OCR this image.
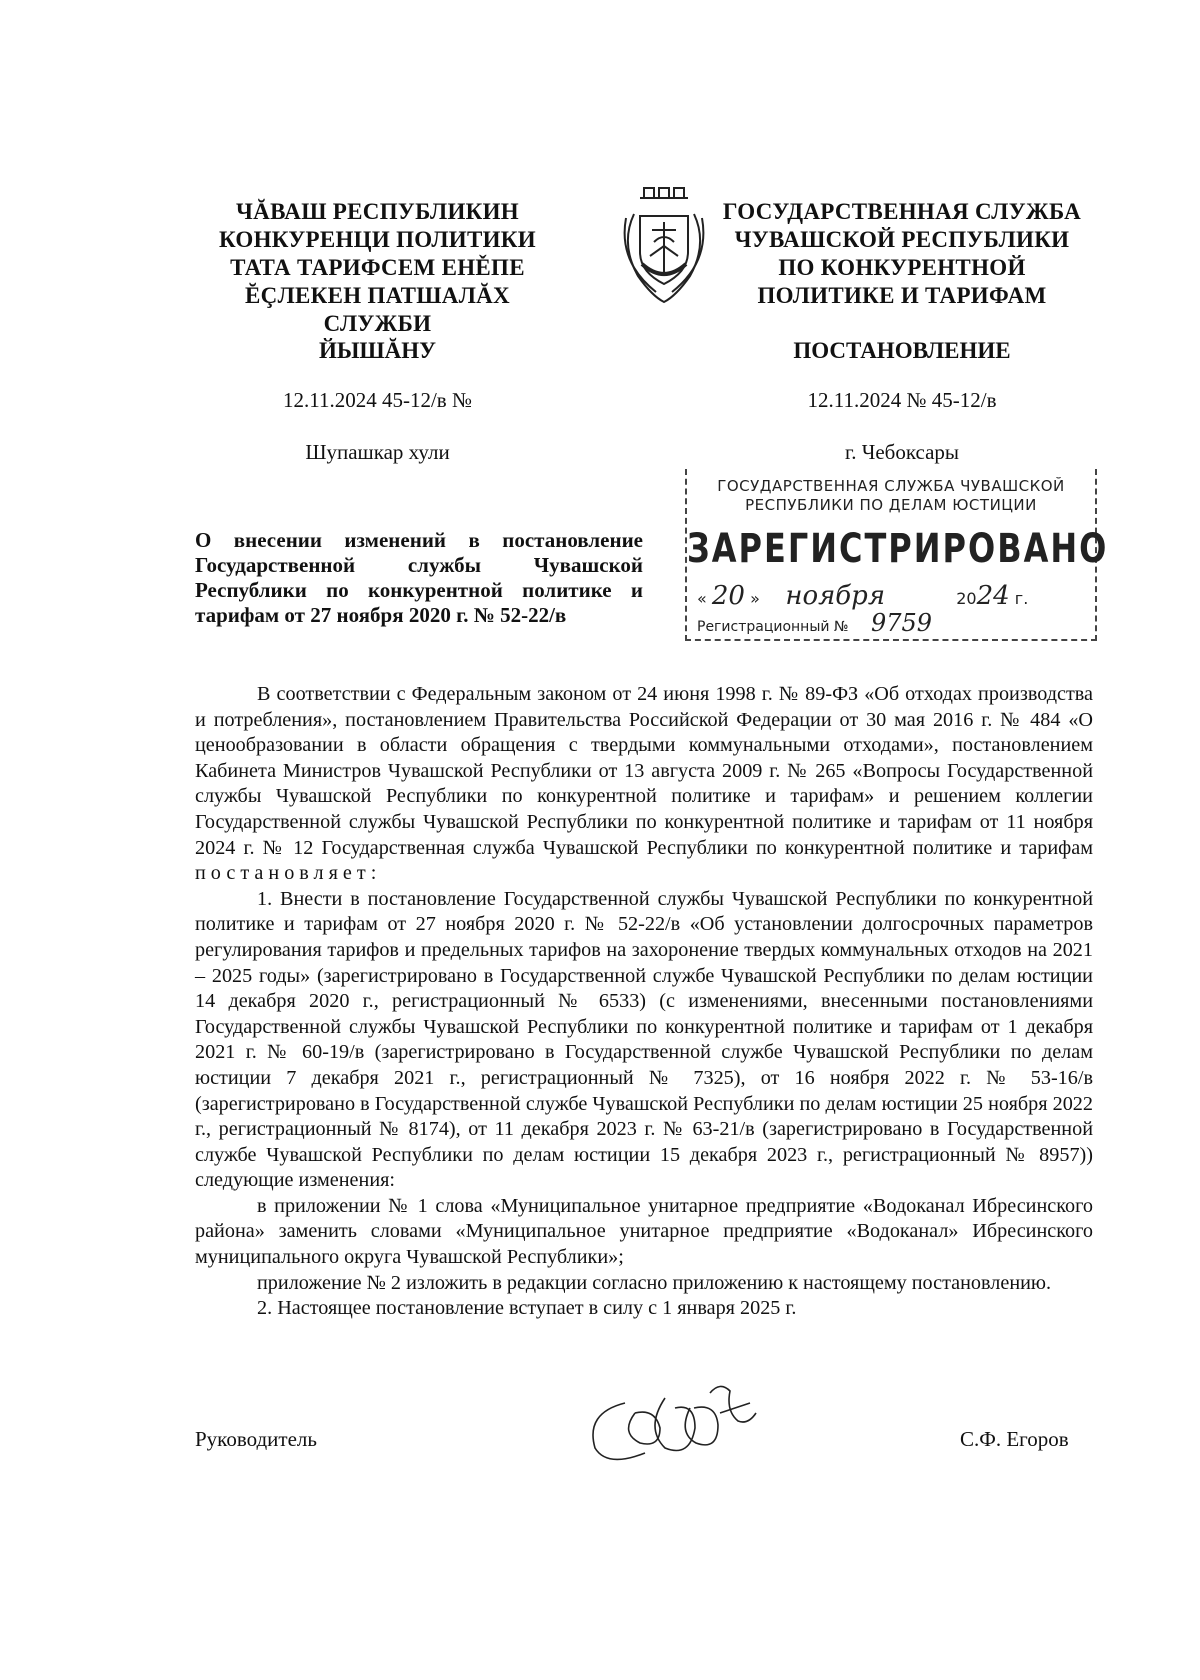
ЧĂВАШ РЕСПУБЛИКИН
КОНКУРЕНЦИ ПОЛИТИКИ
ТАТА ТАРИФСЕМ ЕНĚПЕ
ĔÇЛЕКЕН ПАТШАЛĂХ СЛУЖБИ
ГОСУДАРСТВЕННАЯ СЛУЖБА
ЧУВАШСКОЙ РЕСПУБЛИКИ
ПО КОНКУРЕНТНОЙ
ПОЛИТИКЕ И ТАРИФАМ
ЙЫШĂНУ	ПОСТАНОВЛЕНИЕ
12.11.2024 45-12/в №	12.11.2024 № 45-12/в
Шупашкар хули	г. Чебоксары
ГОСУДАРСТВЕННАЯ СЛУЖБА ЧУВАШСКОЙ
РЕСПУБЛИКИ ПО ДЕЛАМ ЮСТИЦИИ
ЗАРЕГИСТРИРОВАНО
« 20 » ноября	2024 г.
Регистрационный № 9759
О внесении изменений в постановление Государственной службы Чувашской Республики по конкурентной политике и тарифам от 27 ноября 2020 г. № 52-22/в

В соответствии с Федеральным законом от 24 июня 1998 г. № 89-ФЗ «Об отходах производства и потребления», постановлением Правительства Российской Федерации от 30 мая 2016 г. № 484 «О ценообразовании в области обращения с твердыми коммунальными отходами», постановлением Кабинета Министров Чувашской Республики от 13 августа 2009 г. № 265 «Вопросы Государственной службы Чувашской Республики по конкурентной политике и тарифам» и решением коллегии Государственной службы Чувашской Республики по конкурентной политике и тарифам от 11 ноября 2024 г. № 12 Государственная служба Чувашской Республики по конкурентной политике и тарифам постановляет:

1. Внести в постановление Государственной службы Чувашской Республики по конкурентной политике и тарифам от 27 ноября 2020 г. № 52-22/в «Об установлении долгосрочных параметров регулирования тарифов и предельных тарифов на захоронение твердых коммунальных отходов на 2021 – 2025 годы» (зарегистрировано в Государственной службе Чувашской Республики по делам юстиции 14 декабря 2020 г., регистрационный № 6533) (с изменениями, внесенными постановлениями Государственной службы Чувашской Республики по конкурентной политике и тарифам от 1 декабря 2021 г. № 60-19/в (зарегистрировано в Государственной службе Чувашской Республики по делам юстиции 7 декабря 2021 г., регистрационный № 7325), от 16 ноября 2022 г. № 53-16/в (зарегистрировано в Государственной службе Чувашской Республики по делам юстиции 25 ноября 2022 г., регистрационный № 8174), от 11 декабря 2023 г. № 63-21/в (зарегистрировано в Государственной службе Чувашской Республики по делам юстиции 15 декабря 2023 г., регистрационный № 8957)) следующие изменения:

в приложении № 1 слова «Муниципальное унитарное предприятие «Водоканал Ибресинского района» заменить словами «Муниципальное унитарное предприятие «Водоканал» Ибресинского муниципального округа Чувашской Республики»;

приложение № 2 изложить в редакции согласно приложению к настоящему постановлению.

2. Настоящее постановление вступает в силу с 1 января 2025 г.

Руководитель	С.Ф. Егоров
